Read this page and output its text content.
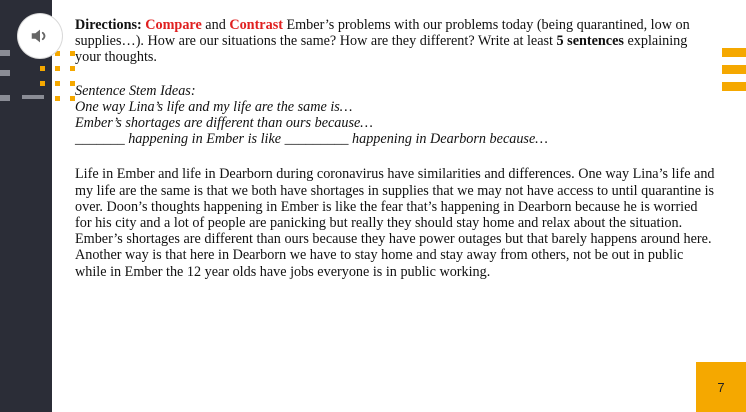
Directions: Compare and Contrast Ember’s problems with our problems today (being quarantined, low on supplies…). How are our situations the same? How are they different? Write at least 5 sentences explaining your thoughts.

Sentence Stem Ideas:
One way Lina’s life and my life are the same is…
Ember’s shortages are different than ours because…
_______ happening in Ember is like _________ happening in Dearborn because…

Life in Ember and life in Dearborn during coronavirus have similarities and differences. One way Lina’s life and my life are the same is that we both have shortages in supplies that we may not have access to until quarantine is over. Doon’s thoughts happening in Ember is like the fear that’s happening in Dearborn because he is worried for his city and a lot of people are panicking but really they should stay home and relax about the situation. Ember’s shortages are different than ours because they have power outages but that barely happens around here. Another way is that here in Dearborn we have to stay home and stay away from others, not be out in public while in Ember the 12 year olds have jobs everyone is in public working.

7
